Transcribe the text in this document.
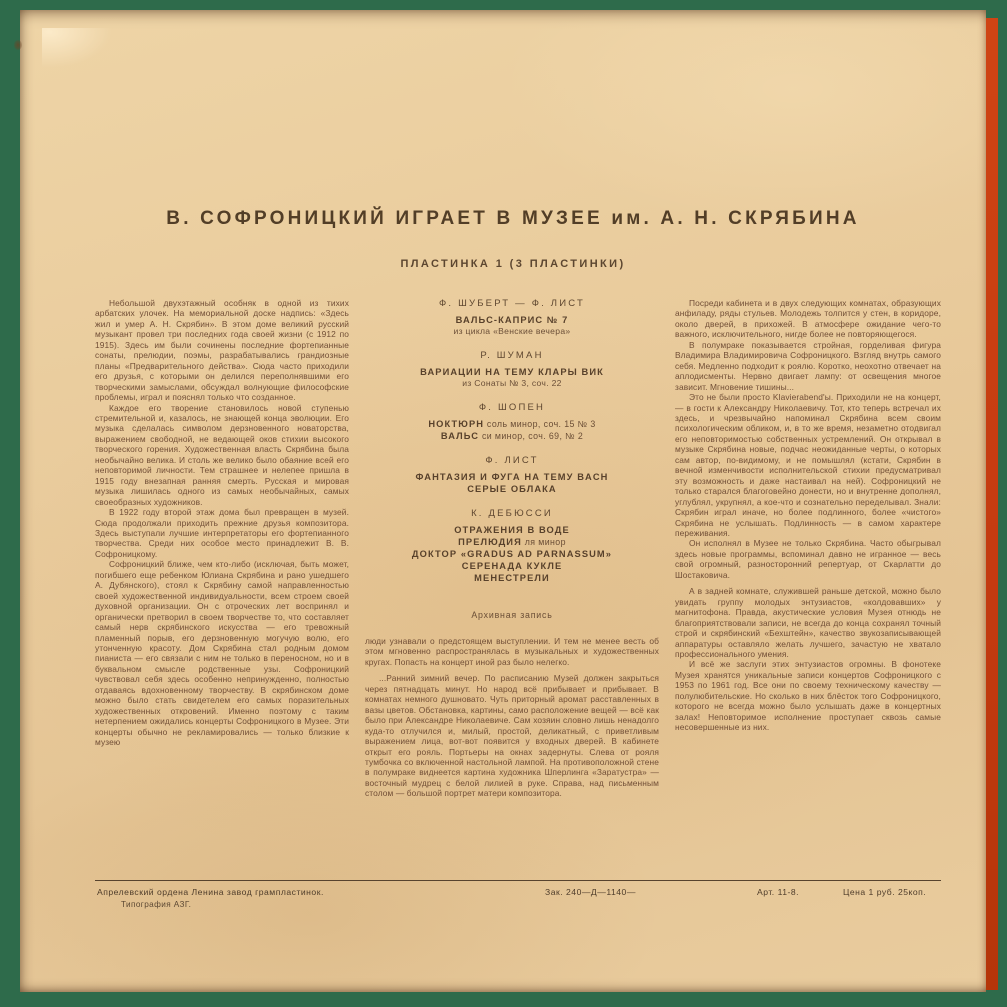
В. СОФРОНИЦКИЙ ИГРАЕТ В МУЗЕЕ им. А. Н. СКРЯБИНА
ПЛАСТИНКА 1 (3 ПЛАСТИНКИ)

Небольшой двухэтажный особняк в одной из тихих арбатских улочек. На мемориальной доске надпись: «Здесь жил и умер А. Н. Скрябин». В этом доме великий русский музыкант провел три последних года своей жизни (с 1912 по 1915). Здесь им были сочинены последние фортепианные сонаты, прелюдии, поэмы, разрабатывались грандиозные планы «Предварительного действа». Сюда часто приходили его друзья, с которыми он делился переполнявшими его творческими замыслами, обсуждал волнующие философские проблемы, играл и пояснял только что созданное.

Каждое его творение становилось новой ступенью стремительной и, казалось, не знающей конца эволюции. Его музыка сделалась символом дерзновенного новаторства, выражением свободной, не ведающей оков стихии высокого творческого горения. Художественная власть Скрябина была необычайно велика. И столь же велико было обаяние всей его неповторимой личности. Тем страшнее и нелепее пришла в 1915 году внезапная ранняя смерть. Русская и мировая музыка лишилась одного из самых необычайных, самых своеобразных художников.

В 1922 году второй этаж дома был превращен в музей. Сюда продолжали приходить прежние друзья композитора. Здесь выступали лучшие интерпретаторы его фортепианного творчества. Среди них особое место принадлежит В. В. Софроницкому.

Софроницкий ближе, чем кто-либо (исключая, быть может, погибшего еще ребенком Юлиана Скрябина и рано ушедшего А. Дубянского), стоял к Скрябину самой направленностью своей художественной индивидуальности, всем строем своей духовной организации. Он с отроческих лет воспринял и органически претворил в своем творчестве то, что составляет самый нерв скрябинского искусства — его тревожный пламенный порыв, его дерзновенную могучую волю, его утонченную красоту. Дом Скрябина стал родным домом пианиста — его связали с ним не только в переносном, но и в буквальном смысле родственные узы. Софроницкий чувствовал себя здесь особенно непринужденно, полностью отдаваясь вдохновенному творчеству. В скрябинском доме можно было стать свидетелем его самых поразительных художественных откровений. Именно поэтому с таким нетерпением ожидались концерты Софроницкого в Музее. Эти концерты обычно не рекламировались — только близкие к музею

Ф. ШУБЕРТ — Ф. ЛИСТ
ВАЛЬС-КАПРИС № 7
из цикла «Венские вечера»
Р. ШУМАН
ВАРИАЦИИ НА ТЕМУ КЛАРЫ ВИК
из Сонаты № 3, соч. 22
Ф. ШОПЕН
НОКТЮРН соль минор, соч. 15 № 3
ВАЛЬС си минор, соч. 69, № 2
Ф. ЛИСТ
ФАНТАЗИЯ И ФУГА НА ТЕМУ BACH
СЕРЫЕ ОБЛАКА
К. ДЕБЮССИ
ОТРАЖЕНИЯ В ВОДЕ
ПРЕЛЮДИЯ ля минор
ДОКТОР «GRADUS AD PARNASSUM»
СЕРЕНАДА КУКЛЕ
МЕНЕСТРЕЛИ
Архивная запись

люди узнавали о предстоящем выступлении. И тем не менее весть об этом мгновенно распространялась в музыкальных и художественных кругах. Попасть на концерт иной раз было нелегко.

...Ранний зимний вечер. По расписанию Музей должен закрыться через пятнадцать минут. Но народ всё прибывает и прибывает. В комнатах немного душновато. Чуть приторный аромат расставленных в вазы цветов. Обстановка, картины, само расположение вещей — всё как было при Александре Николаевиче. Сам хозяин словно лишь ненадолго куда-то отлучился и, милый, простой, деликатный, с приветливым выражением лица, вот-вот появится у входных дверей. В кабинете открыт его рояль. Портьеры на окнах задернуты. Слева от рояля тумбочка со включенной настольной лампой. На противоположной стене в полумраке виднеется картина художника Шперлинга «Заратустра» — восточный мудрец с белой лилией в руке. Справа, над письменным столом — большой портрет матери композитора.

Посреди кабинета и в двух следующих комнатах, образующих анфиладу, ряды стульев. Молодежь толпится у стен, в коридоре, около дверей, в прихожей. В атмосфере ожидание чего-то важного, исключительного, нигде более не повторяющегося.

В полумраке показывается стройная, горделивая фигура Владимира Владимировича Софроницкого. Взгляд внутрь самого себя. Медленно подходит к роялю. Коротко, неохотно отвечает на аплодисменты. Нервно двигает лампу: от освещения многое зависит. Мгновение тишины...

Это не были просто Klavierabend'ы. Приходили не на концерт, — в гости к Александру Николаевичу. Тот, кто теперь встречал их здесь, и чрезвычайно напоминал Скрябина всем своим психологическим обликом, и, в то же время, незаметно отодвигал его неповторимостью собственных устремлений. Он открывал в музыке Скрябина новые, подчас неожиданные черты, о которых сам автор, по-видимому, и не помышлял (кстати, Скрябин в вечной изменчивости исполнительской стихии предусматривал эту возможность и даже настаивал на ней). Софроницкий не только старался благоговейно донести, но и внутренне дополнял, углублял, укрупнял, а кое-что и сознательно переделывал. Знали: Скрябин играл иначе, но более подлинного, более «чистого» Скрябина не услышать. Подлинность — в самом характере переживания.

Он исполнял в Музее не только Скрябина. Часто обыгрывал здесь новые программы, вспоминал давно не игранное — весь свой огромный, разносторонний репертуар, от Скарлатти до Шостаковича.

А в задней комнате, служившей раньше детской, можно было увидать группу молодых энтузиастов, «колдовавших» у магнитофона. Правда, акустические условия Музея отнюдь не благоприятствовали записи, не всегда до конца сохранял точный строй и скрябинский «Бехштейн», качество звукозаписывающей аппаратуры оставляло желать лучшего, зачастую не хватало профессионального умения.

И всё же заслуги этих энтузиастов огромны. В фонотеке Музея хранятся уникальные записи концертов Софроницкого с 1953 по 1961 год. Все они по своему техническому качеству — полулюбительские. Но сколько в них блёсток того Софроницкого, которого не всегда можно было услышать даже в концертных залах! Неповторимое исполнение проступает сквозь самые несовершенные из них.

Апрелевский ордена Ленина завод грампластинок.
Типография АЗГ.
Зак. 240—Д—1140—	Арт. 11-8.	Цена 1 руб. 25коп.
